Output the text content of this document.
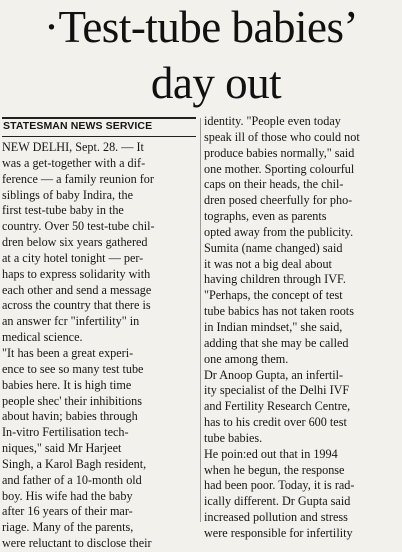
·Test-tube babies’
day out
STATESMAN NEWS SERVICE
NEW DELHI, Sept. 28. — It
was a get-together with a dif-
ference — a family reunion for
siblings of baby Indira, the
first test-tube baby in the
country. Over 50 test-tube chil-
dren below six years gathered
at a city hotel tonight — per-
haps to express solidarity with
each other and send a message
across the country that there is
an answer fcr "infertility" in
medical science.
"It has been a great experi-
ence to see so many test tube
babies here. It is high time
people shec' their inhibitions
about havin; babies through
In-vitro Fertilisation tech-
niques," said Mr Harjeet
Singh, a Karol Bagh resident,
and father of a 10-month old
boy. His wife had the baby
after 16 years of their mar-
riage. Many of the parents,
were reluctant to disclose their
identity. "People even today
speak ill of those who could not
produce babies normally," said
one mother. Sporting colourful
caps on their heads, the chil-
dren posed cheerfully for pho-
tographs, even as parents
opted away from the publicity.
Sumita (name changed) said
it was not a big deal about
having children through IVF.
"Perhaps, the concept of test
tube babics has not taken roots
in Indian mindset," she said,
adding that she may be called
one among them.
Dr Anoop Gupta, an infertil-
ity specialist of the Delhi IVF
and Fertility Research Centre,
has to his credit over 600 test
tube babies.
He poin:ed out that in 1994
when he begun, the response
had been poor. Today, it is rad-
ically different. Dr Gupta said
increased pollution and stress
were responsible for infertility
